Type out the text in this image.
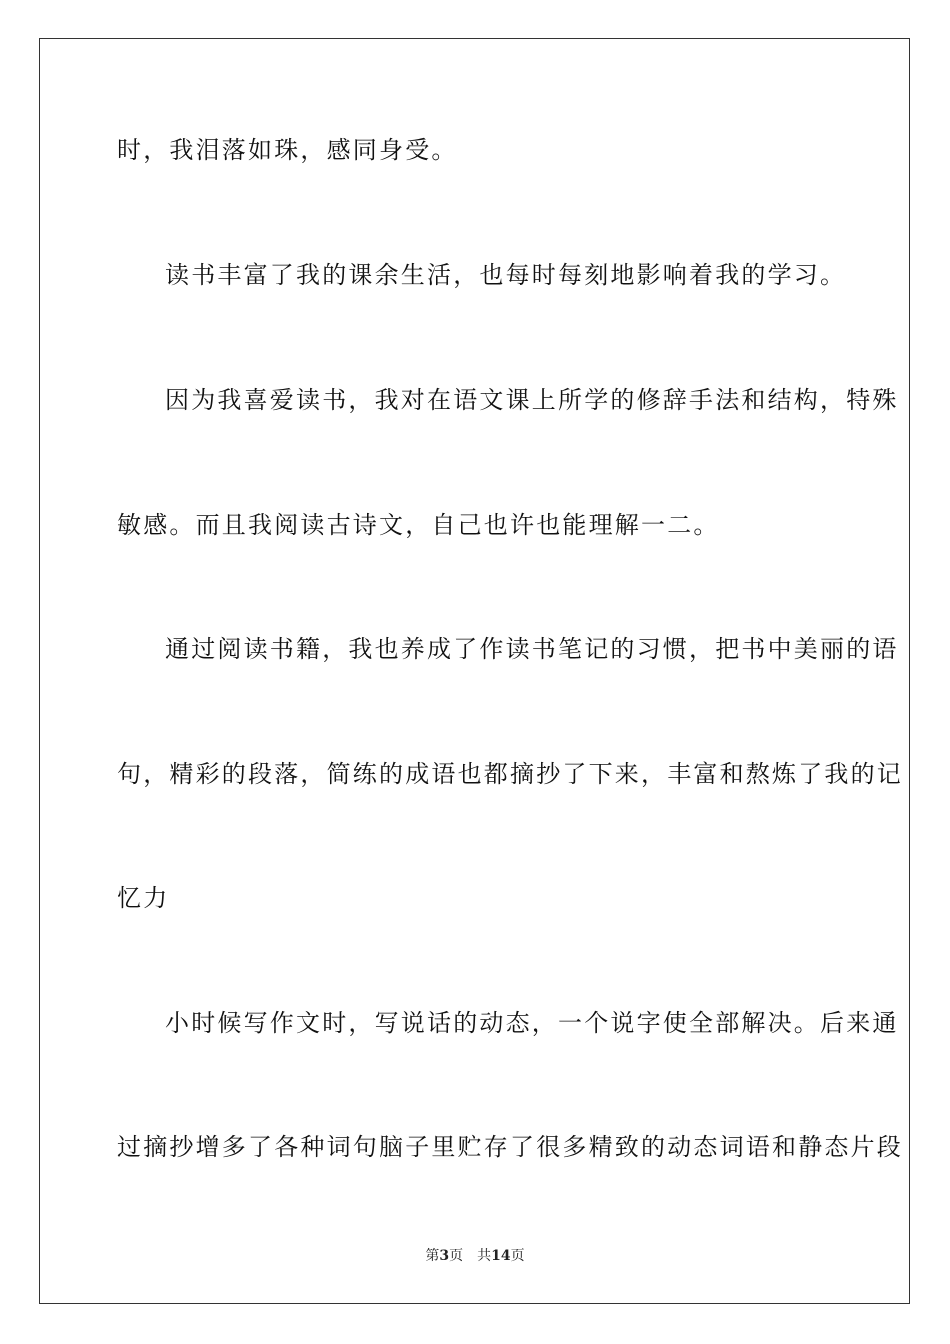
时，我泪落如珠，感同身受。
读书丰富了我的课余生活，也每时每刻地影响着我的学习。
因为我喜爱读书，我对在语文课上所学的修辞手法和结构，特殊
敏感。而且我阅读古诗文，自己也许也能理解一二。
通过阅读书籍，我也养成了作读书笔记的习惯，把书中美丽的语
句，精彩的段落，简练的成语也都摘抄了下来，丰富和熬炼了我的记
忆力
小时候写作文时，写说话的动态，一个说字使全部解决。后来通
过摘抄增多了各种词句脑子里贮存了很多精致的动态词语和静态片段
第3页 共14页
